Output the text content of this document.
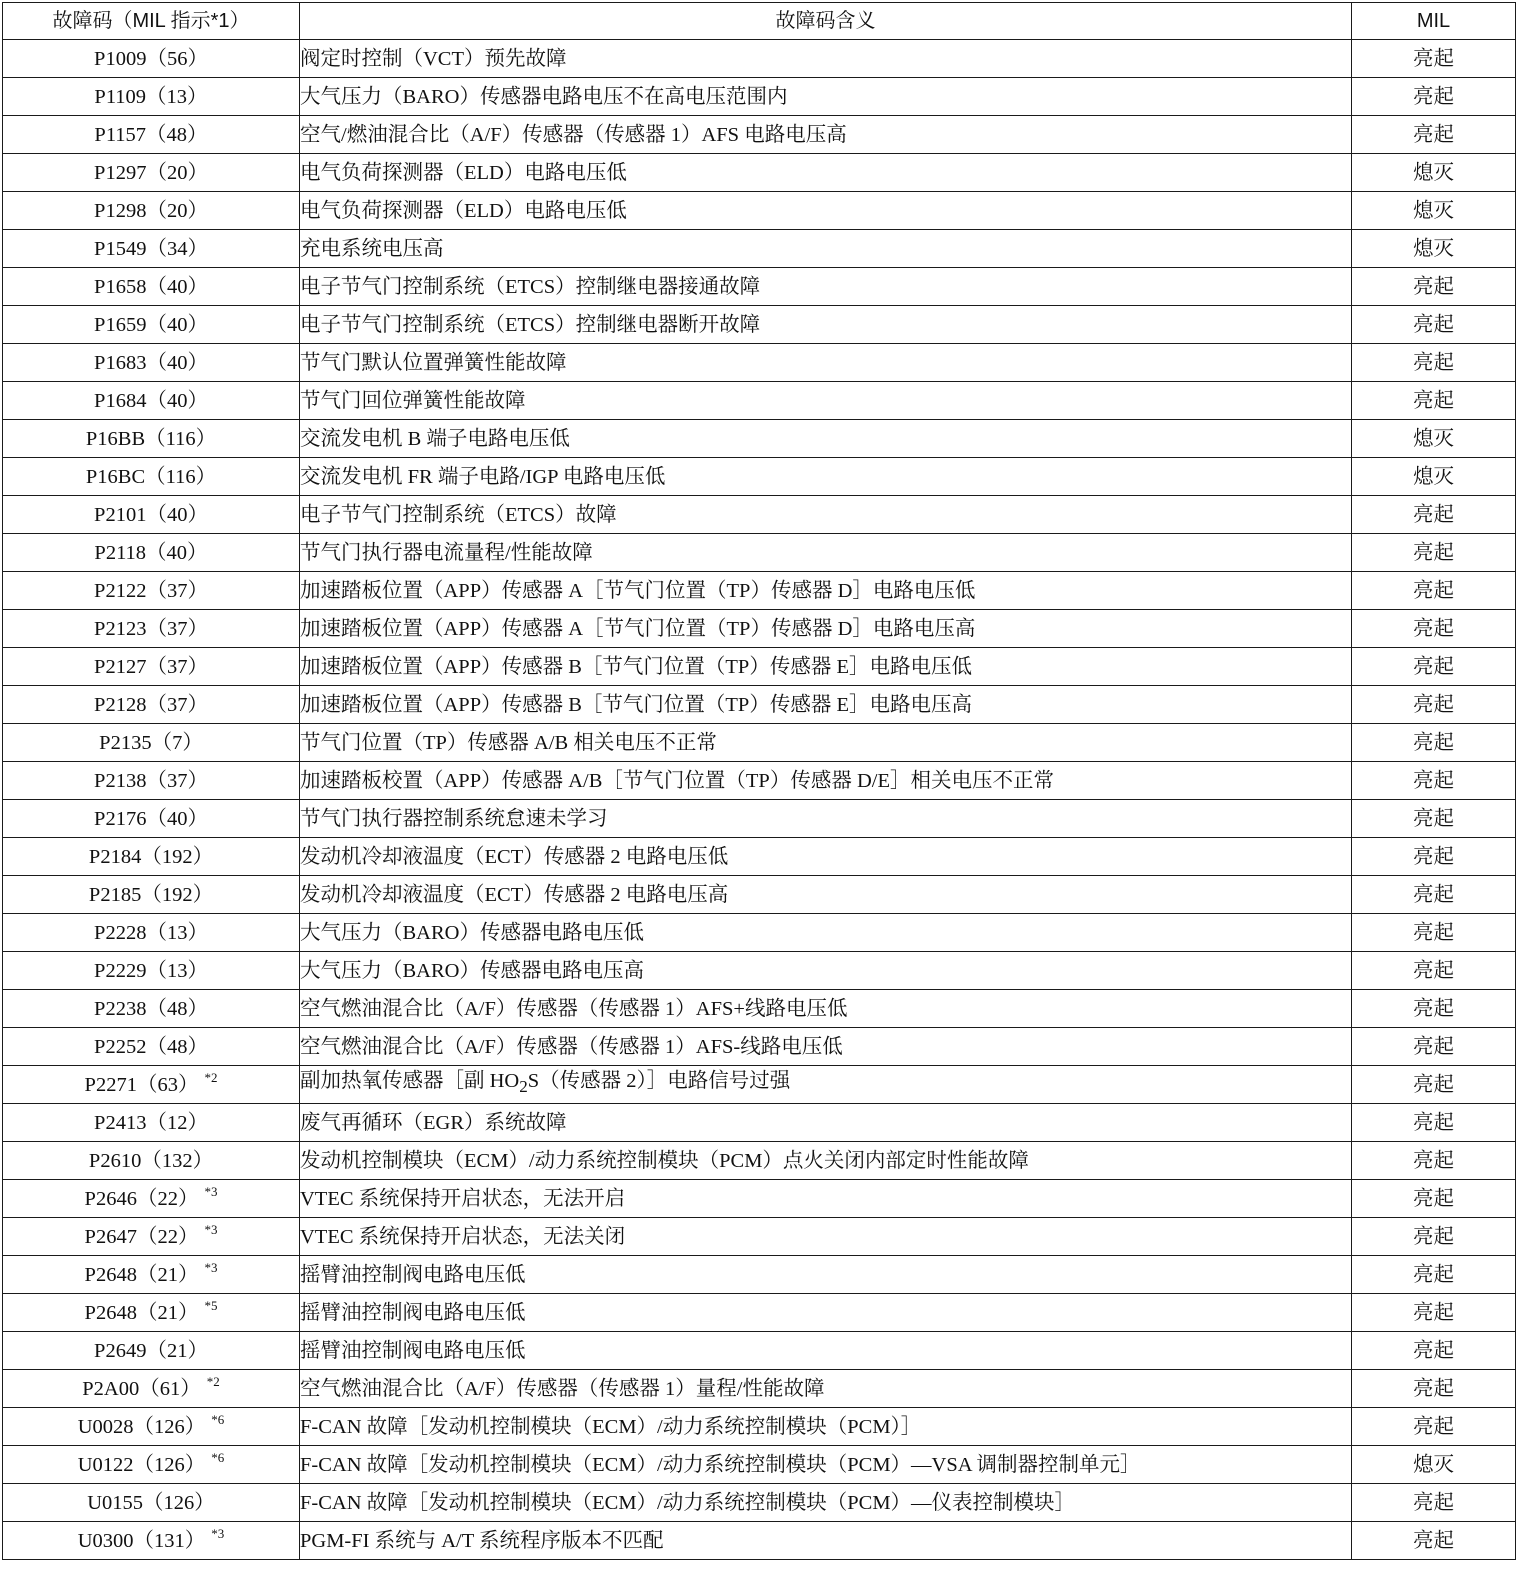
故障码（MIL 指示*1）	故障码含义	MIL
P1009（56）	阀定时控制（VCT）预先故障	亮起
P1109（13）	大气压力（BARO）传感器电路电压不在高电压范围内	亮起
P1157（48）	空气/燃油混合比（A/F）传感器（传感器 1）AFS 电路电压高	亮起
P1297（20）	电气负荷探测器（ELD）电路电压低	熄灭
P1298（20）	电气负荷探测器（ELD）电路电压低	熄灭
P1549（34）	充电系统电压高	熄灭
P1658（40）	电子节气门控制系统（ETCS）控制继电器接通故障	亮起
P1659（40）	电子节气门控制系统（ETCS）控制继电器断开故障	亮起
P1683（40）	节气门默认位置弹簧性能故障	亮起
P1684（40）	节气门回位弹簧性能故障	亮起
P16BB（116）	交流发电机 B 端子电路电压低	熄灭
P16BC（116）	交流发电机 FR 端子电路/IGP 电路电压低	熄灭
P2101（40）	电子节气门控制系统（ETCS）故障	亮起
P2118（40）	节气门执行器电流量程/性能故障	亮起
P2122（37）	加速踏板位置（APP）传感器 A［节气门位置（TP）传感器 D］电路电压低	亮起
P2123（37）	加速踏板位置（APP）传感器 A［节气门位置（TP）传感器 D］电路电压高	亮起
P2127（37）	加速踏板位置（APP）传感器 B［节气门位置（TP）传感器 E］电路电压低	亮起
P2128（37）	加速踏板位置（APP）传感器 B［节气门位置（TP）传感器 E］电路电压高	亮起
P2135（7）	节气门位置（TP）传感器 A/B 相关电压不正常	亮起
P2138（37）	加速踏板校置（APP）传感器 A/B［节气门位置（TP）传感器 D/E］相关电压不正常	亮起
P2176（40）	节气门执行器控制系统怠速未学习	亮起
P2184（192）	发动机冷却液温度（ECT）传感器 2 电路电压低	亮起
P2185（192）	发动机冷却液温度（ECT）传感器 2 电路电压高	亮起
P2228（13）	大气压力（BARO）传感器电路电压低	亮起
P2229（13）	大气压力（BARO）传感器电路电压高	亮起
P2238（48）	空气燃油混合比（A/F）传感器（传感器 1）AFS+线路电压低	亮起
P2252（48）	空气燃油混合比（A/F）传感器（传感器 1）AFS-线路电压低	亮起
P2271（63） $^{*2}$	副加热氧传感器［副 $HO_2S$（传感器 2）］电路信号过强	亮起
P2413（12）	废气再循环（EGR）系统故障	亮起
P2610（132）	发动机控制模块（ECM）/动力系统控制模块（PCM）点火关闭内部定时性能故障	亮起
P2646（22） $^{*3}$	VTEC 系统保持开启状态，无法开启	亮起
P2647（22） $^{*3}$	VTEC 系统保持开启状态，无法关闭	亮起
P2648（21） $^{*3}$	摇臂油控制阀电路电压低	亮起
P2648（21） $^{*5}$	摇臂油控制阀电路电压低	亮起
P2649（21）	摇臂油控制阀电路电压低	亮起
P2A00（61） $^{*2}$	空气燃油混合比（A/F）传感器（传感器 1）量程/性能故障	亮起
U0028（126） $^{*6}$	F-CAN 故障［发动机控制模块（ECM）/动力系统控制模块（PCM）］	亮起
U0122（126） $^{*6}$	F-CAN 故障［发动机控制模块（ECM）/动力系统控制模块（PCM）—VSA 调制器控制单元］	熄灭
U0155（126）	F-CAN 故障［发动机控制模块（ECM）/动力系统控制模块（PCM）—仪表控制模块］	亮起
U0300（131） $^{*3}$	PGM-FI 系统与 A/T 系统程序版本不匹配	亮起
